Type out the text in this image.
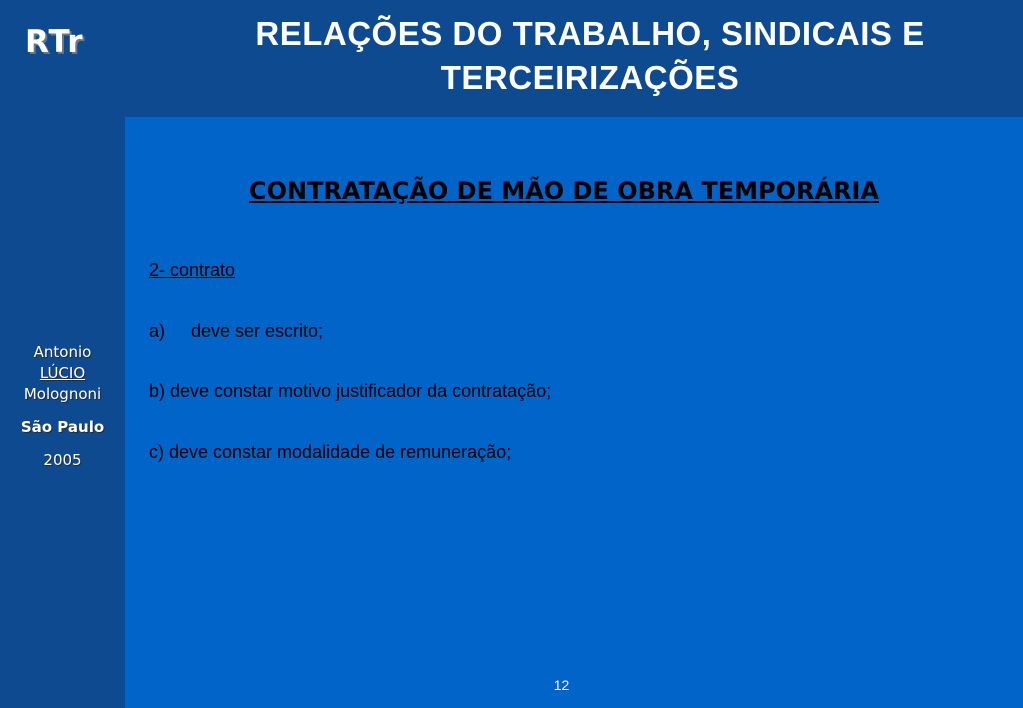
RTr
Antonio
LÚCIO
Molognoni
São Paulo
2005
RELAÇÕES DO TRABALHO, SINDICAIS E
TERCEIRIZAÇÕES
CONTRATAÇÃO DE MÃO DE OBRA TEMPORÁRIA
2- contrato
a) deve ser escrito;
b) deve constar motivo justificador da contratação;
c) deve constar modalidade de remuneração;
12
